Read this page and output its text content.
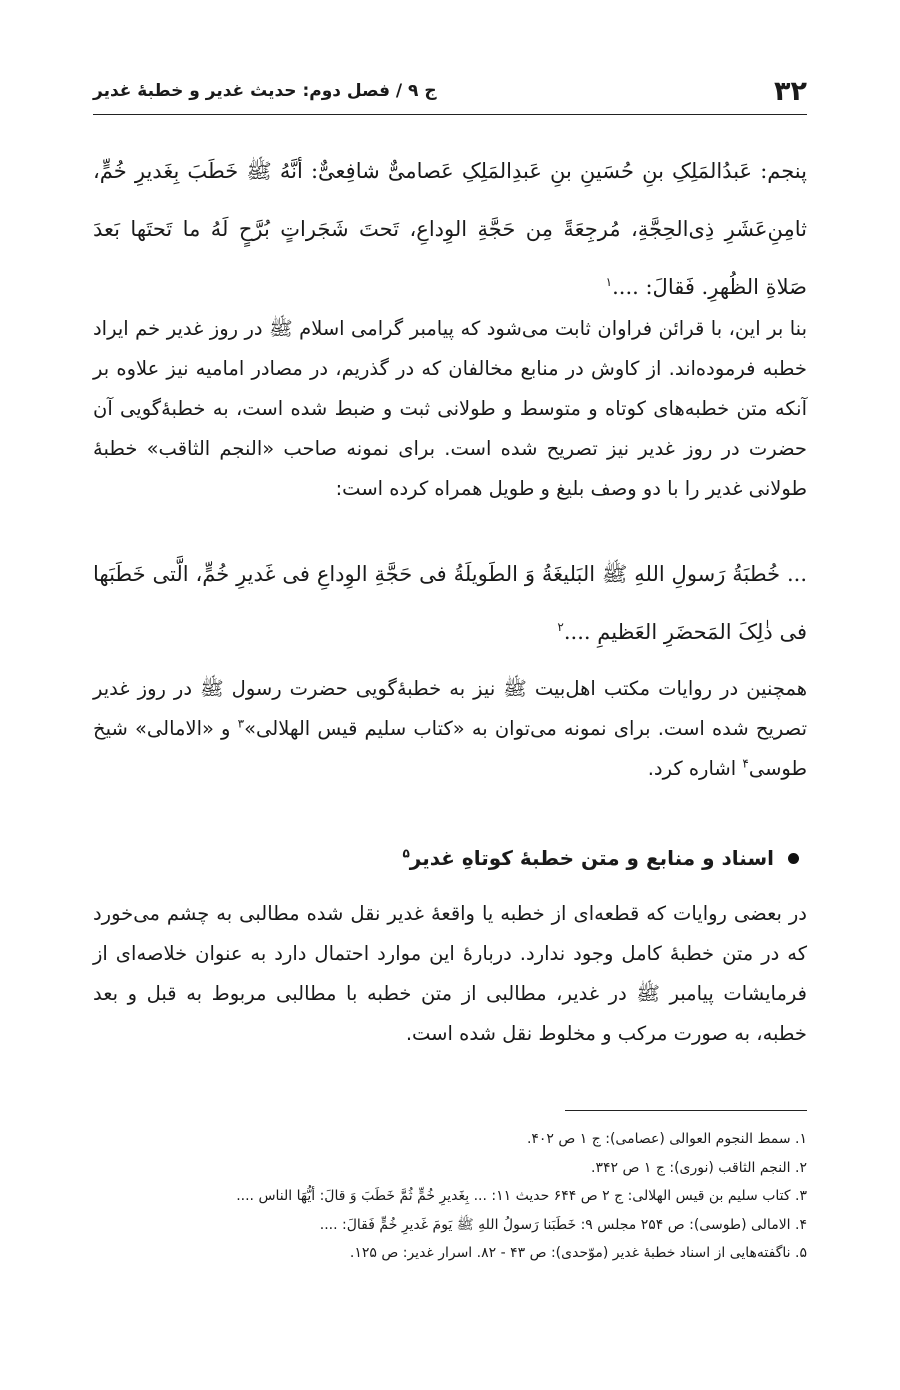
۳۲
ج ۹ / فصل دوم: حدیث غدیر و خطبهٔ غدیر

پنجم: عَبدُالمَلِکِ بنِ حُسَینِ بنِ عَبدِالمَلِکِ عَصامیٌّ شافِعیٌّ: أنَّهُ ﷺ خَطَبَ بِغَدیرِ خُمٍّ، ثامِنِ‌عَشَرِ ذِی‌الحِجَّةِ، مُرجِعَةً مِن حَجَّةِ الوِداعِ، تَحتَ شَجَراتٍ بُرَّحٍ لَهُ ما تَحتَها بَعدَ صَلاةِ الظُهرِ. فَقالَ: ....$^۱$

بنا بر این، با قرائن فراوان ثابت می‌شود که پیامبر گرامی اسلام ﷺ در روز غدیر خم ایراد خطبه فرموده‌اند. از کاوش در منابع مخالفان که در گذریم، در مصادر امامیه نیز علاوه بر آنکه متن خطبه‌های کوتاه و متوسط و طولانی ثبت و ضبط شده است، به خطبهٔ‌گویی آن حضرت در روز غدیر نیز تصریح شده است. برای نمونه صاحب «النجم الثاقب» خطبهٔ طولانی غدیر را با دو وصف بلیغ و طویل همراه کرده است:

... خُطبَةُ رَسولِ اللهِ ﷺ البَلیغَةُ وَ الطَویلَةُ فی حَجَّةِ الوِداعِ فی غَدیرِ خُمٍّ، الَّتی خَطَبَها فی ذٰلِکَ المَحضَرِ العَظیمِ ....$^۲$

همچنین در روایات مکتب اهل‌بیت ﷺ نیز به خطبهٔ‌گویی حضرت رسول ﷺ در روز غدیر تصریح شده است. برای نمونه می‌توان به «کتاب سلیم قیس الهلالی»$^۳$ و «الامالی» شیخ طوسی$^۴$ اشاره کرد.

اسناد و منابع و متن خطبهٔ کوتاهِ غدیر$^۵$

در بعضی روایات که قطعه‌ای از خطبه یا واقعهٔ غدیر نقل شده مطالبی به چشم می‌خورد که در متن خطبهٔ کامل وجود ندارد. دربارهٔ این موارد احتمال دارد به عنوان خلاصه‌ای از فرمایشات پیامبر ﷺ در غدیر، مطالبی از متن خطبه با مطالبی مربوط به قبل و بعد خطبه، به صورت مرکب و مخلوط نقل شده است.

۱. سمط النجوم العوالی (عصامی): ج ۱ ص ۴۰۲.
۲. النجم الثاقب (نوری): ج ۱ ص ۳۴۲.
۳. کتاب سلیم بن قیس الهلالی: ج ۲ ص ۶۴۴ حدیث ۱۱: ... بِغَدیرِ خُمٍّ ثُمَّ خَطَبَ وَ قالَ: أیُّهَا الناس ....
۴. الامالی (طوسی): ص ۲۵۴ مجلس ۹: خَطَبَنا رَسولُ اللهِ ﷺ یَومَ غَدیرِ خُمٍّ فَقالَ: ....
۵. ناگفته‌هایی از اسناد خطبهٔ غدیر (موّحدی): ص ۴۳ - ۸۲. اسرار غدیر: ص ۱۲۵.
